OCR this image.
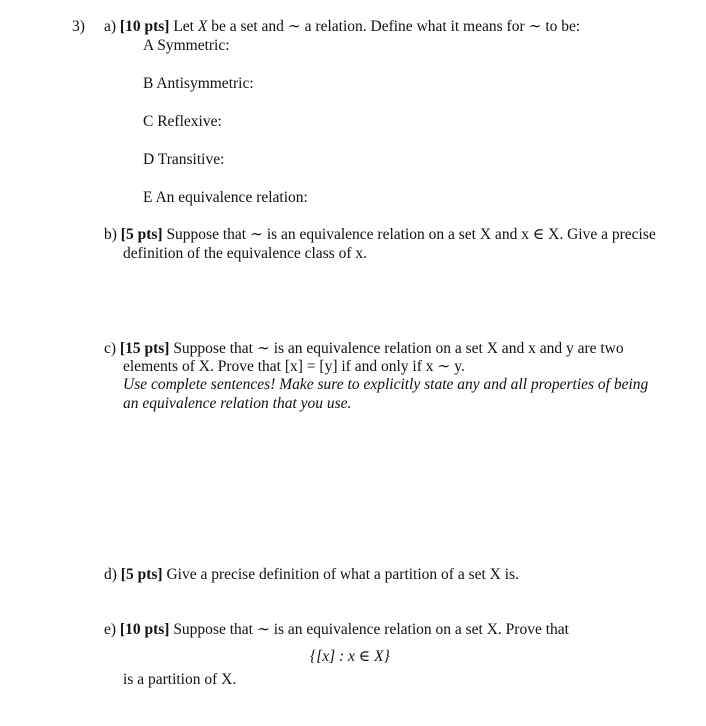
3) a) [10 pts] Let X be a set and ∼ a relation. Define what it means for ∼ to be:
A Symmetric:
B Antisymmetric:
C Reflexive:
D Transitive:
E An equivalence relation:
b) [5 pts] Suppose that ∼ is an equivalence relation on a set X and x ∈ X. Give a precise
definition of the equivalence class of x.
c) [15 pts] Suppose that ∼ is an equivalence relation on a set X and x and y are two
elements of X. Prove that [x] = [y] if and only if x ∼ y.
Use complete sentences! Make sure to explicitly state any and all properties of being
an equivalence relation that you use.
d) [5 pts] Give a precise definition of what a partition of a set X is.
e) [10 pts] Suppose that ∼ is an equivalence relation on a set X. Prove that
{[x] : x ∈ X}
is a partition of X.
